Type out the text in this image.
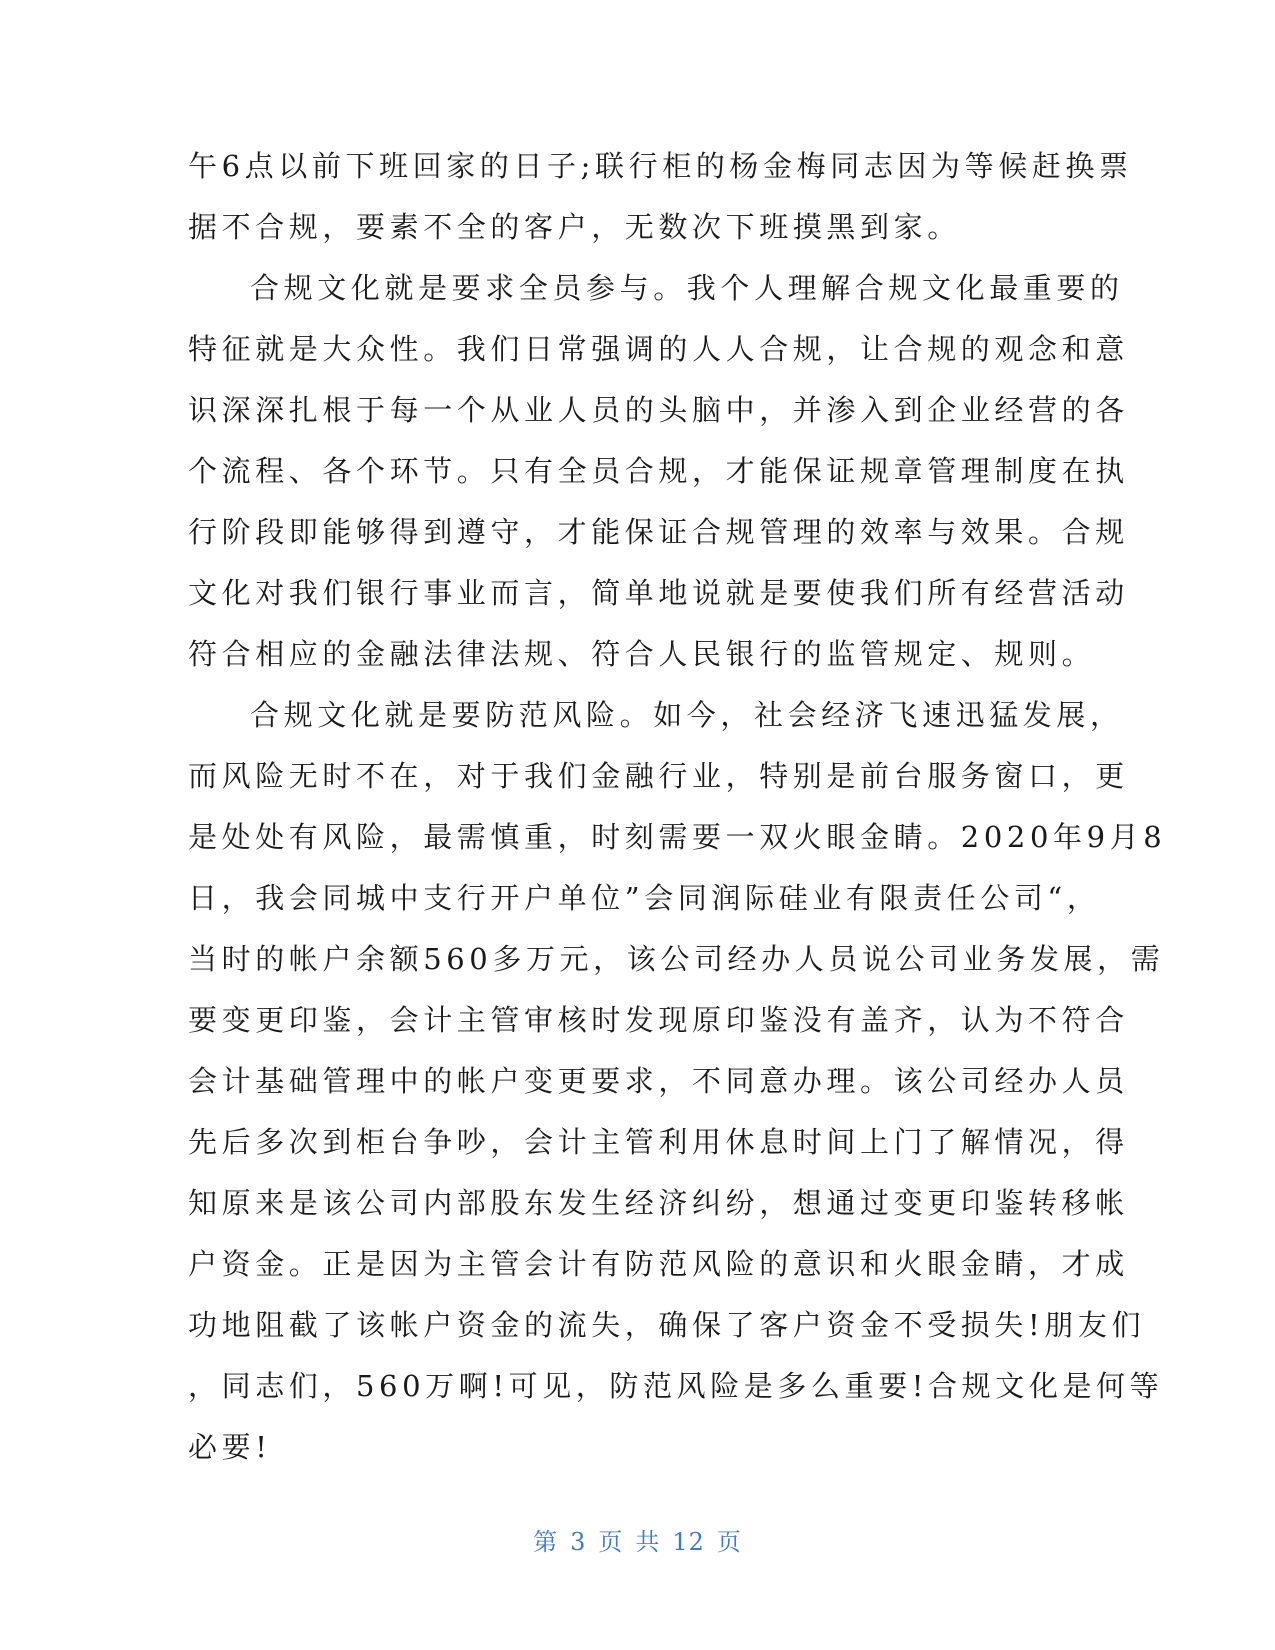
午6点以前下班回家的日子;联行柜的杨金梅同志因为等候赶换票
据不合规，要素不全的客户，无数次下班摸黑到家。
合规文化就是要求全员参与。我个人理解合规文化最重要的
特征就是大众性。我们日常强调的人人合规，让合规的观念和意
识深深扎根于每一个从业人员的头脑中，并渗入到企业经营的各
个流程、各个环节。只有全员合规，才能保证规章管理制度在执
行阶段即能够得到遵守，才能保证合规管理的效率与效果。合规
文化对我们银行事业而言，简单地说就是要使我们所有经营活动
符合相应的金融法律法规、符合人民银行的监管规定、规则。
合规文化就是要防范风险。如今，社会经济飞速迅猛发展，
而风险无时不在，对于我们金融行业，特别是前台服务窗口，更
是处处有风险，最需慎重，时刻需要一双火眼金睛。2020年9月8
日，我会同城中支行开户单位”会同润际硅业有限责任公司“，
当时的帐户余额560多万元，该公司经办人员说公司业务发展，需
要变更印鉴，会计主管审核时发现原印鉴没有盖齐，认为不符合
会计基础管理中的帐户变更要求，不同意办理。该公司经办人员
先后多次到柜台争吵，会计主管利用休息时间上门了解情况，得
知原来是该公司内部股东发生经济纠纷，想通过变更印鉴转移帐
户资金。正是因为主管会计有防范风险的意识和火眼金睛，才成
功地阻截了该帐户资金的流失，确保了客户资金不受损失!朋友们
，同志们，560万啊!可见，防范风险是多么重要!合规文化是何等
必要!
第 3 页 共 12 页
